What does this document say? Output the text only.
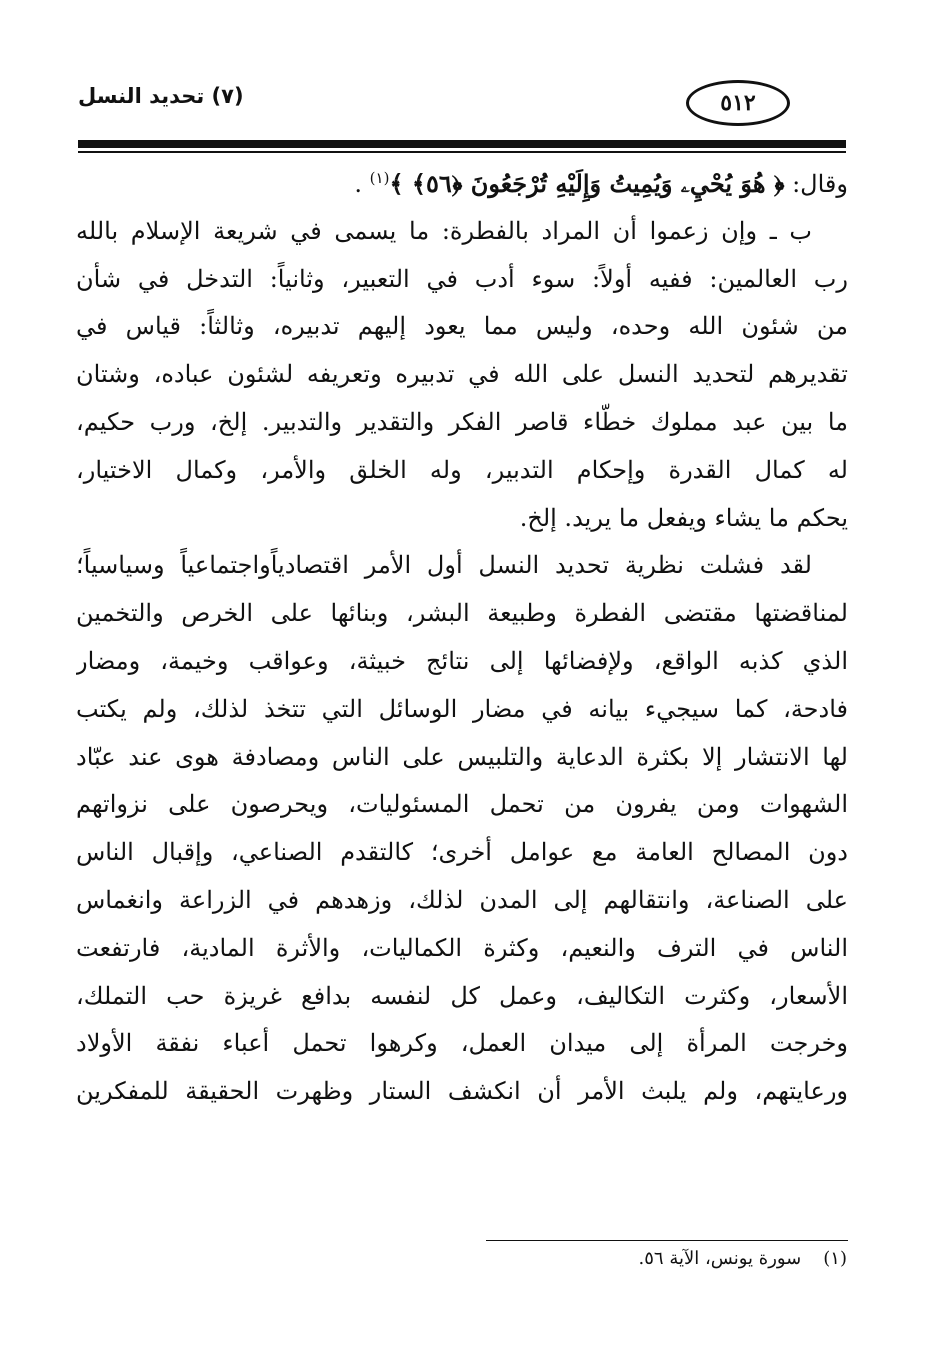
٥١٢
(٧) تحديد النسل
وقال: ﴿ هُوَ يُحْيِۦ وَيُمِيتُ وَإِلَيْهِ تُرْجَعُونَ ﴿٥٦﴾ ﴾$^{(١)}$ .
ب ـ وإن زعموا أن المراد بالفطرة: ما يسمى في شريعة الإسلام بالله
رب العالمين: ففيه أولاً: سوء أدب في التعبير، وثانياً: التدخل في شأن
من شئون الله وحده، وليس مما يعود إليهم تدبيره، وثالثاً: قياس في
تقديرهم لتحديد النسل على الله في تدبيره وتعريفه لشئون عباده، وشتان
ما بين عبد مملوك خطّاء قاصر الفكر والتقدير والتدبير. إلخ، ورب حكيم،
له كمال القدرة وإحكام التدبير، وله الخلق والأمر، وكمال الاختيار،
يحكم ما يشاء ويفعل ما يريد. إلخ.
لقد فشلت نظرية تحديد النسل أول الأمر اقتصادياًواجتماعياً وسياسياً؛
لمناقضتها مقتضى الفطرة وطبيعة البشر، وبنائها على الخرص والتخمين
الذي كذبه الواقع، ولإفضائها إلى نتائج خبيثة، وعواقب وخيمة، ومضار
فادحة، كما سيجيء بيانه في مضار الوسائل التي تتخذ لذلك، ولم يكتب
لها الانتشار إلا بكثرة الدعاية والتلبيس على الناس ومصادفة هوى عند عبّاد
الشهوات ومن يفرون من تحمل المسئوليات، ويحرصون على نزواتهم
دون المصالح العامة مع عوامل أخرى؛ كالتقدم الصناعي، وإقبال الناس
على الصناعة، وانتقالهم إلى المدن لذلك، وزهدهم في الزراعة وانغماس
الناس في الترف والنعيم، وكثرة الكماليات، والأثرة المادية، فارتفعت
الأسعار، وكثرت التكاليف، وعمل كل لنفسه بدافع غريزة حب التملك،
وخرجت المرأة إلى ميدان العمل، وكرهوا تحمل أعباء نفقة الأولاد
ورعايتهم، ولم يلبث الأمر أن انكشف الستار وظهرت الحقيقة للمفكرين
(١)سورة يونس، الآية ٥٦.
